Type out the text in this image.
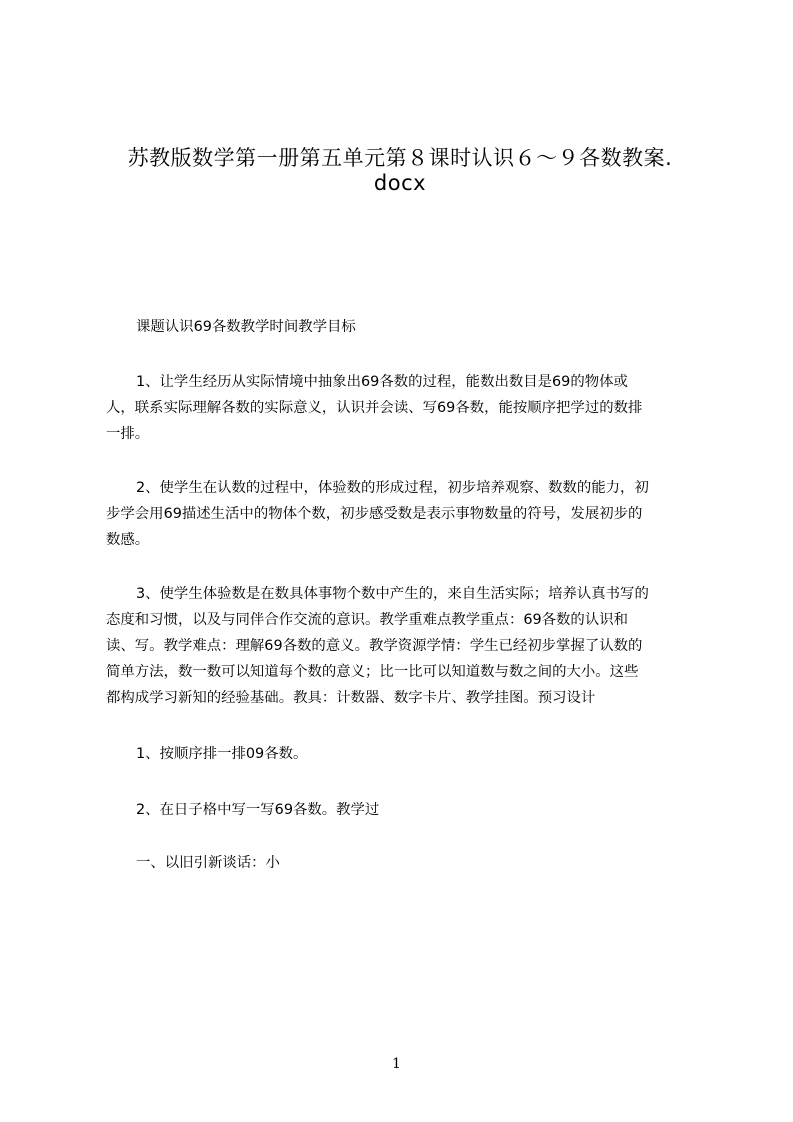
苏教版数学第一册第五单元第８课时认识６～９各数教案.
docx
课题认识69各数教学时间教学目标
1、让学生经历从实际情境中抽象出69各数的过程，能数出数目是69的物体或
人，联系实际理解各数的实际意义，认识并会读、写69各数，能按顺序把学过的数排
一排。
2、使学生在认数的过程中，体验数的形成过程，初步培养观察、数数的能力，初
步学会用69描述生活中的物体个数，初步感受数是表示事物数量的符号，发展初步的
数感。
3、使学生体验数是在数具体事物个数中产生的，来自生活实际；培养认真书写的
态度和习惯，以及与同伴合作交流的意识。教学重难点教学重点：69各数的认识和
读、写。教学难点：理解69各数的意义。教学资源学情：学生已经初步掌握了认数的
简单方法，数一数可以知道每个数的意义；比一比可以知道数与数之间的大小。这些
都构成学习新知的经验基础。教具：计数器、数字卡片、教学挂图。预习设计
1、按顺序排一排09各数。
2、在日子格中写一写69各数。教学过
一、以旧引新谈话：小
1
